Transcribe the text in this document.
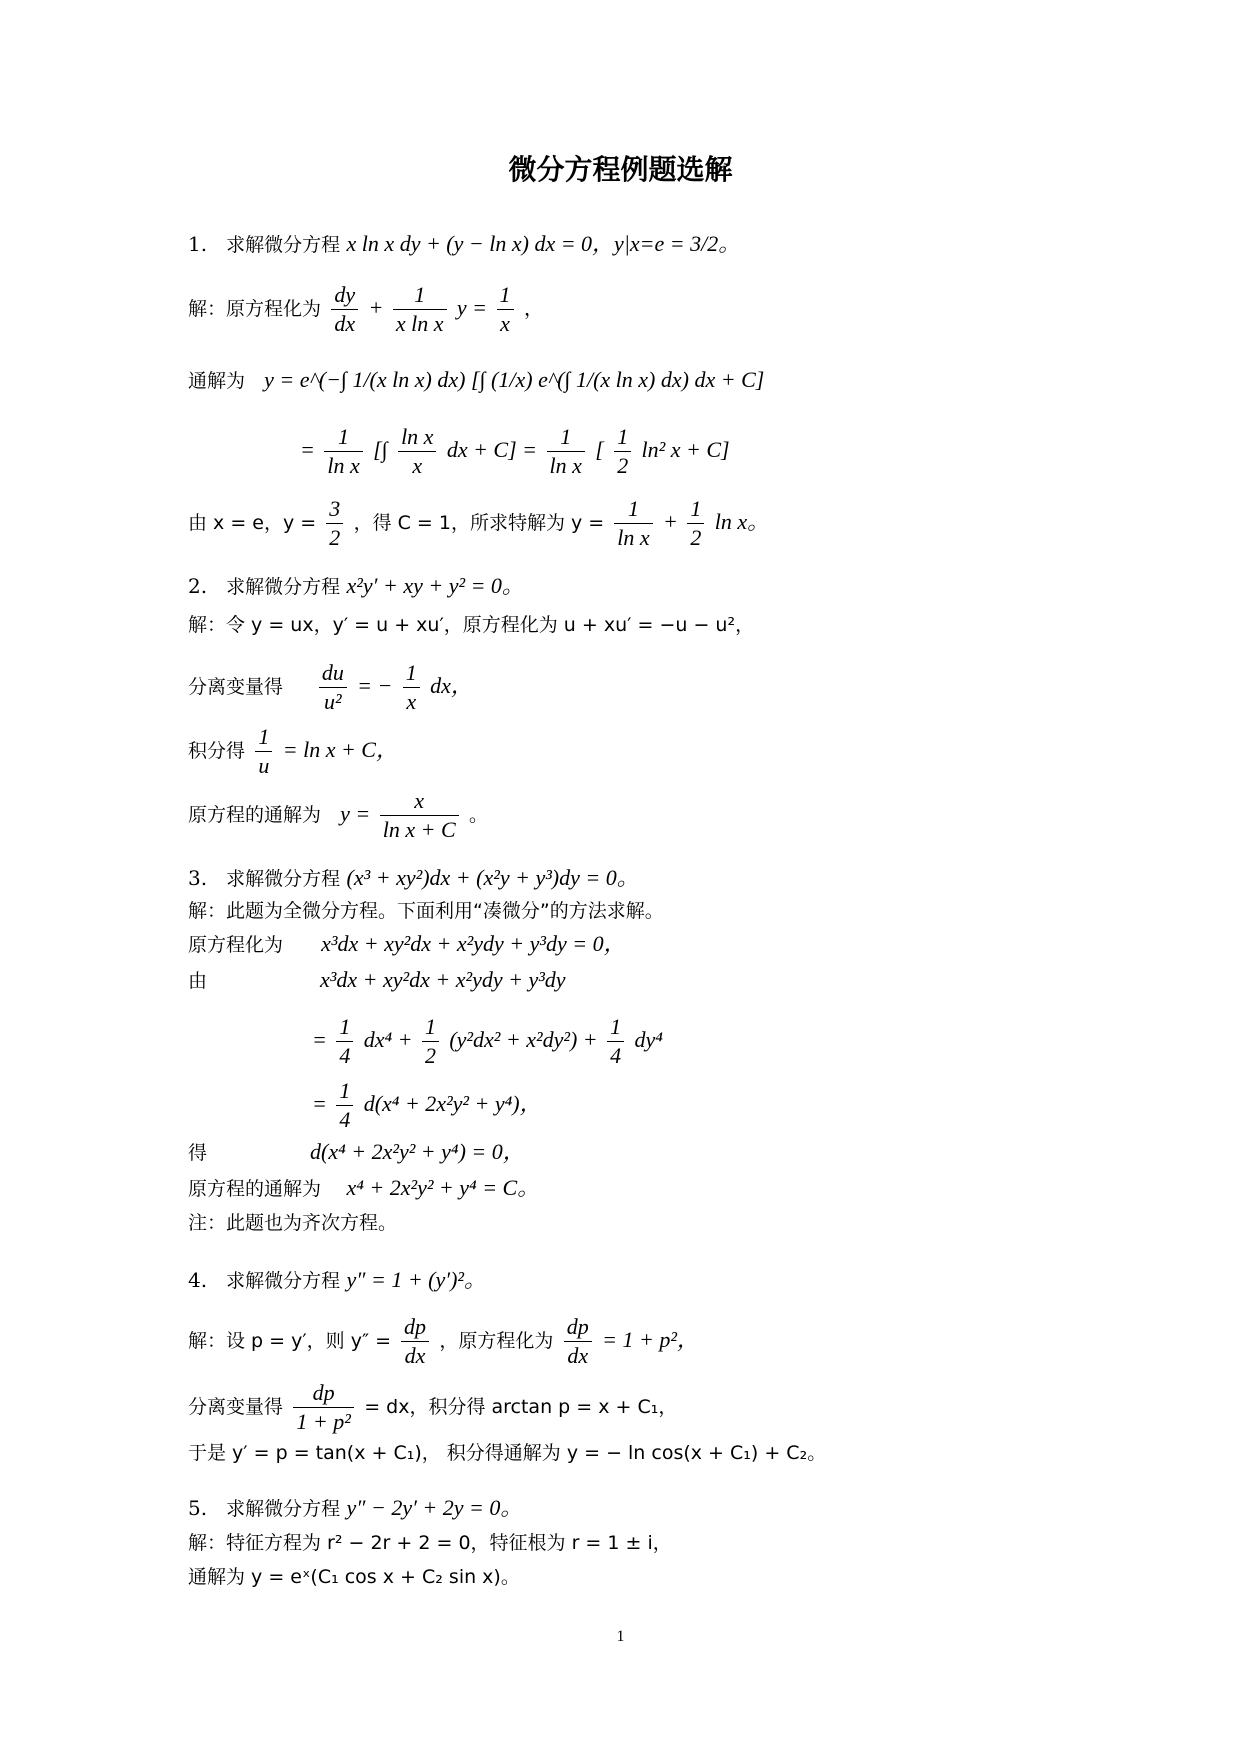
微分方程例题选解
1. 求解微分方程 x ln x dy + (y − ln x) dx = 0，y|x=e = 3/2。
解：原方程化为 $\frac{dy}{dx} + \frac{1}{\text{x ln x}}$ $y = \frac{1}{x}$ ，
通解为 y = e^(−∫ 1/(x ln x) dx) [∫ (1/x) e^(∫ 1/(x ln x) dx) dx + C]
= $\frac{1}{\text{ln x}}$ [∫ $\frac{\text{ln x}}{x}$ dx + $C] = \frac{1}{\text{ln x}}$ [ $\frac{1}{2} \ln^2$ x + C]
由 x = e，$y = \frac{3}{2}$ ，得 C = 1，所求特解为 $y = \frac{1}{\text{ln x}} + \frac{1}{2}$ ln x。
2. 求解微分方程 x²y′ + xy + y² = 0。
解：令 y = ux，y′ = u + xu′，原方程化为 u + xu′ = −u − u²，
分离变量得 $\frac{du}{\text{u²}}$ = − $\frac{1}{x}$ dx，
积分得 $\frac{1}{u} = \ln x + C$，
原方程的通解为 $y = \frac{x}{\text{ln x + C}}$ 。
3. 求解微分方程 (x³ + xy²)dx + (x²y + y³)dy = 0。
解：此题为全微分方程。下面利用“凑微分”的方法求解。
原方程化为 x³dx + xy²dx + x²ydy + y³dy = 0，
由	x³dx + xy²dx + x²ydy + y³dy
= $\frac{1}{4} dx^4 + \frac{1}{2} (y^2dx^2 + x^2dy^2) + \frac{1}{4} dy^4$
= $\frac{1}{4} d(x^4 + 2x^2y^2 + y^4)$，
得	d(x⁴ + 2x²y² + y⁴) = 0，
原方程的通解为 x⁴ + 2x²y² + y⁴ = C。
注：此题也为齐次方程。
4. 求解微分方程 y″ = 1 + (y′)²。
解：设 p = y′，则 $y'' = \frac{dp}{dx}$ ，原方程化为 $\frac{dp}{dx} = 1 + p^2$，
分离变量得 $\frac{dp}{\text{1 + p²}}$ = dx，积分得 arctan p = x + C₁，
于是 y′ = p = tan(x + C₁)， 积分得通解为 y = − ln cos(x + C₁) + C₂。
5. 求解微分方程 y″ − 2y′ + 2y = 0。
解：特征方程为 r² − 2r + 2 = 0，特征根为 r = 1 ± i，
通解为 y = eˣ(C₁ cos x + C₂ sin x)。
1
